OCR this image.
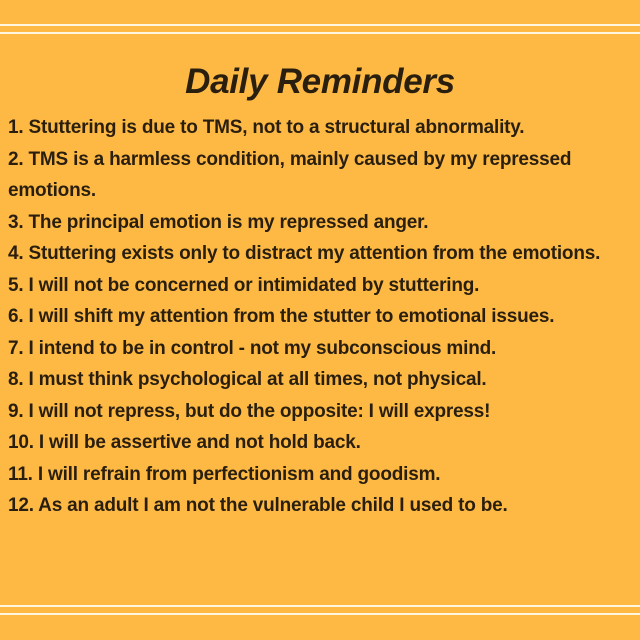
Daily Reminders
1. Stuttering is due to TMS, not to a structural abnormality.
2. TMS is a harmless condition, mainly caused by my repressed emotions.
3. The principal emotion is my repressed anger.
4. Stuttering exists only to distract my attention from the emotions.
5. I will not be concerned or intimidated by stuttering.
6. I will shift my attention from the stutter to emotional issues.
7. I intend to be in control - not my subconscious mind.
8. I must think psychological at all times, not physical.
9. I will not repress, but do the opposite: I will express!
10. I will be assertive and not hold back.
11. I will refrain from perfectionism and goodism.
12. As an adult I am not the vulnerable child I used to be.
